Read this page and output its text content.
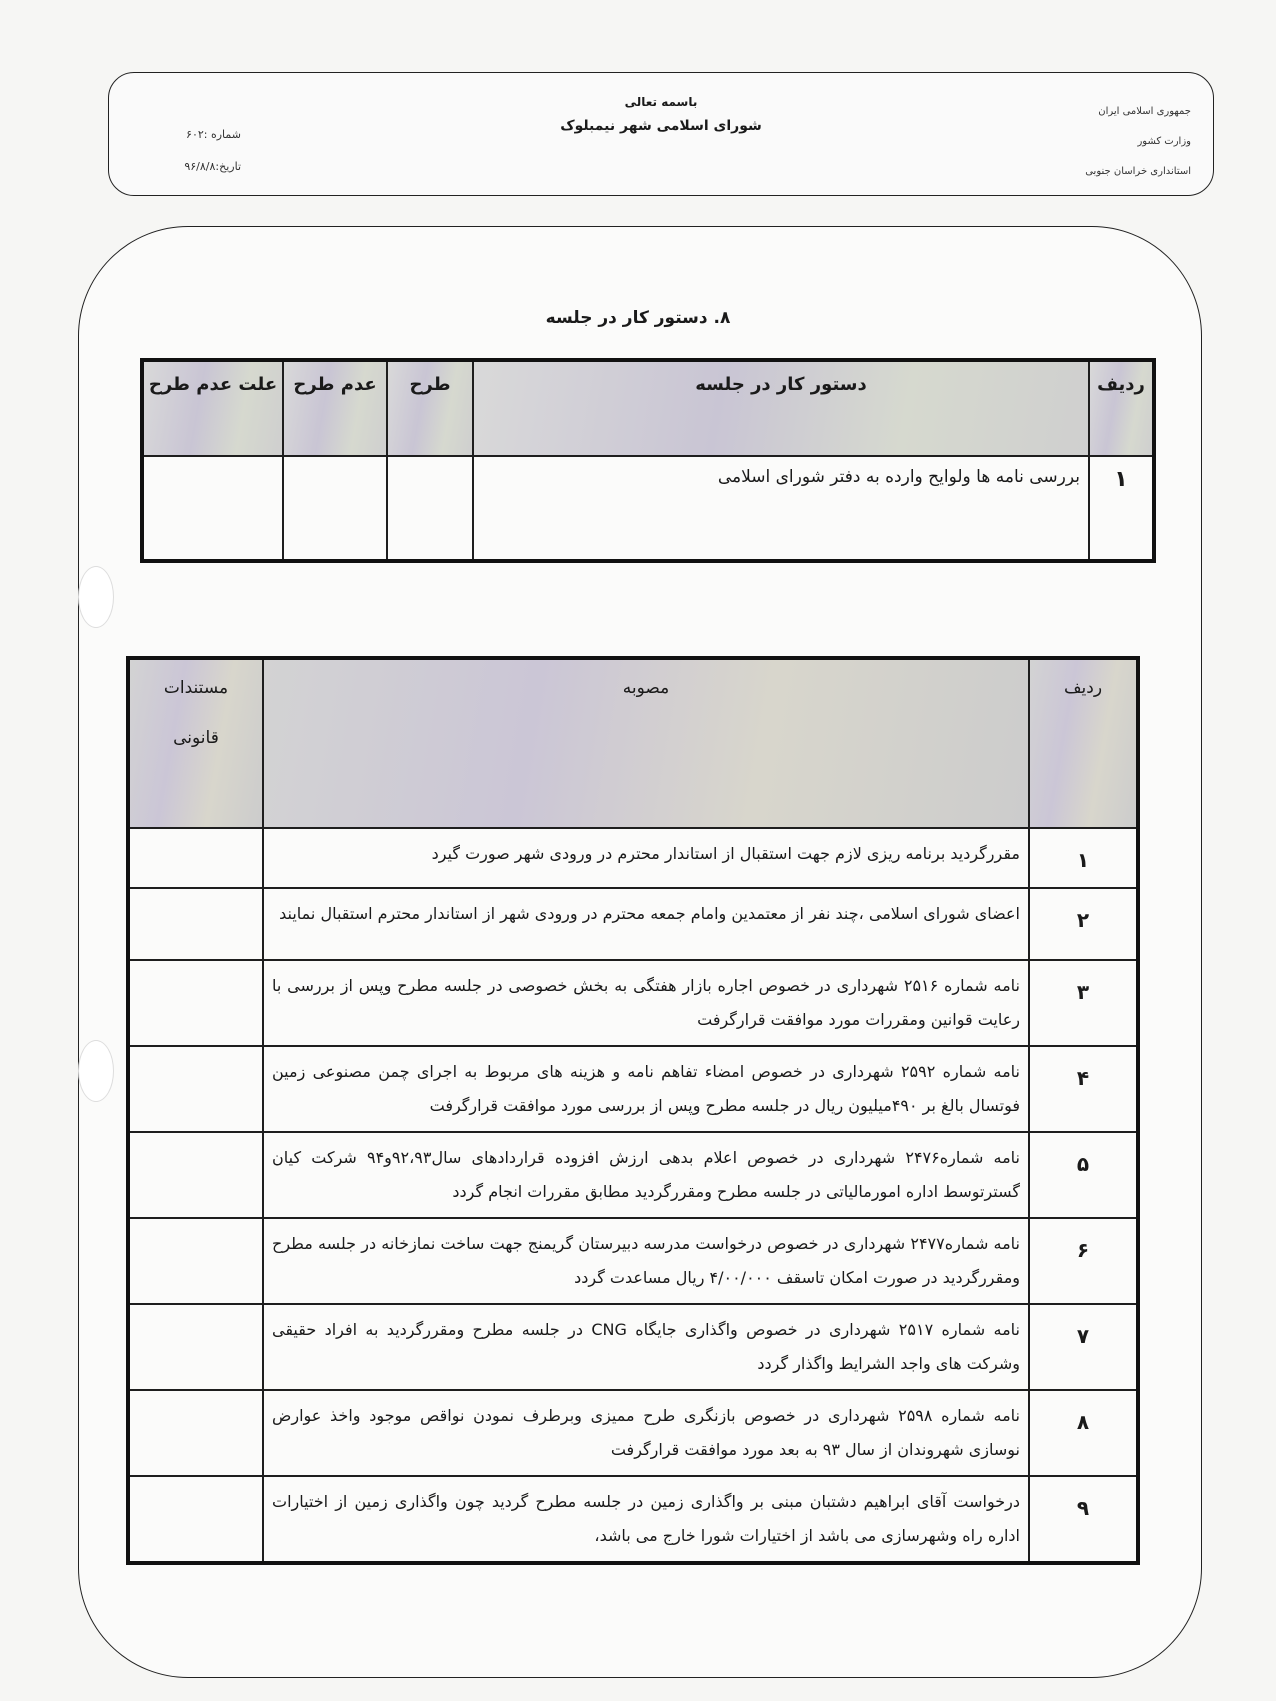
جمهوری اسلامی ایران
وزارت کشور
استانداری خراسان جنوبی
باسمه تعالی
شورای اسلامی شهر نیمبلوک
شماره :۶۰۲
تاریخ:۹۶/۸/۸
۸. دستور کار در جلسه
ردیف	دستور کار در جلسه	طرح	عدم طرح	علت عدم طرح
۱	بررسی نامه ها ولوایح وارده به دفتر شورای اسلامی			
ردیف	مصوبه	مستندات
قانونی

۱	مقررگردید برنامه ریزی لازم جهت استقبال از استاندار محترم در ورودی شهر صورت گیرد	
۲	اعضای شورای اسلامی ،چند نفر از معتمدین وامام جمعه محترم در ورودی شهر از استاندار محترم استقبال نمایند	
۳	نامه شماره ۲۵۱۶ شهرداری در خصوص اجاره بازار هفتگی به بخش خصوصی در جلسه مطرح وپس از بررسی با رعایت قوانین ومقررات مورد موافقت قرارگرفت	
۴	نامه شماره ۲۵۹۲ شهرداری در خصوص امضاء تفاهم نامه و هزینه های مربوط به اجرای چمن مصنوعی زمین فوتسال بالغ بر ۴۹۰میلیون ریال در جلسه مطرح وپس از بررسی مورد موافقت قرارگرفت	
۵	نامه شماره۲۴۷۶ شهرداری در خصوص اعلام بدهی ارزش افزوده قراردادهای سال۹۲،۹۳و۹۴ شرکت کیان گسترتوسط اداره امورمالیاتی در جلسه مطرح ومقررگردید مطابق مقررات انجام گردد	
۶	نامه شماره۲۴۷۷ شهرداری در خصوص درخواست مدرسه دبیرستان گریمنج جهت ساخت نمازخانه در جلسه مطرح ومقررگردید در صورت امکان تاسقف ۴/۰۰/۰۰۰ ریال مساعدت گردد	
۷	نامه شماره ۲۵۱۷ شهرداری در خصوص واگذاری جایگاه CNG در جلسه مطرح ومقررگردید به افراد حقیقی وشرکت های واجد الشرایط واگذار گردد	
۸	نامه شماره ۲۵۹۸ شهرداری در خصوص بازنگری طرح ممیزی وبرطرف نمودن نواقص موجود واخذ عوارض نوسازی شهروندان از سال ۹۳ به بعد مورد موافقت قرارگرفت	
۹	درخواست آقای ابراهیم دشتبان مبنی بر واگذاری زمین در جلسه مطرح گردید چون واگذاری زمین از اختیارات اداره راه وشهرسازی می باشد از اختیارات شورا خارج می باشد،	
